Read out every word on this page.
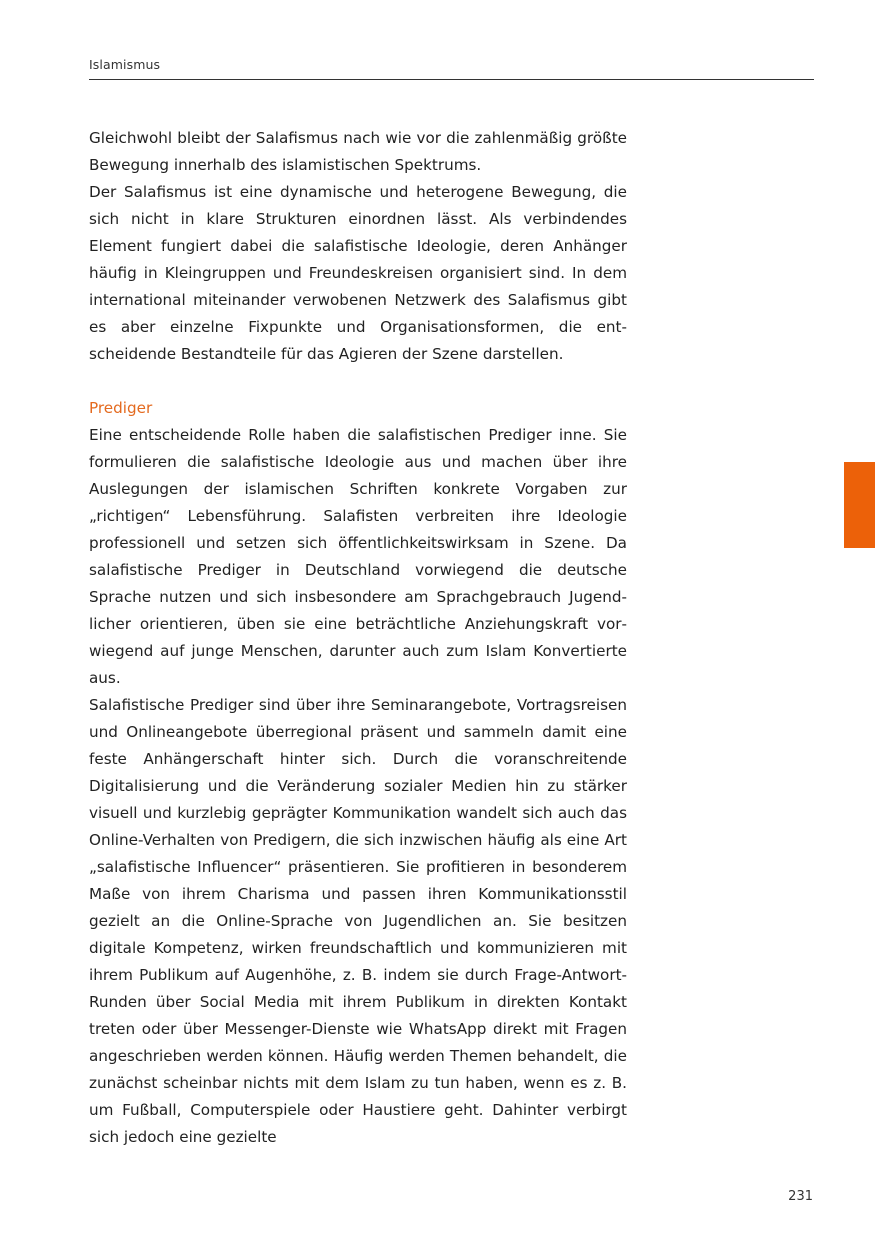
Islamismus

Gleichwohl bleibt der Salafismus nach wie vor die zahlenmäßig größte Bewegung innerhalb des islamistischen Spektrums.

Der Salafismus ist eine dynamische und heterogene Bewegung, die sich nicht in klare Strukturen einordnen lässt. Als verbindendes Element fungiert dabei die salafistische Ideologie, deren Anhänger häufig in Kleingruppen und Freundeskreisen organisiert sind. In dem international miteinander verwobenen Netzwerk des Salafismus gibt es aber einzelne Fixpunkte und Organisationsformen, die entscheidende Bestandteile für das Agieren der Szene darstellen.

Prediger

Eine entscheidende Rolle haben die salafistischen Prediger inne. Sie formulieren die salafistische Ideologie aus und machen über ihre Auslegungen der islamischen Schriften konkrete Vorgaben zur „richtigen“ Lebensführung. Salafisten verbreiten ihre Ideologie professionell und setzen sich öffentlichkeitswirksam in Szene. Da salafistische Prediger in Deutschland vorwiegend die deutsche Sprache nutzen und sich insbesondere am Sprachgebrauch Jugendlicher orientieren, üben sie eine beträchtliche Anziehungskraft vorwiegend auf junge Menschen, darunter auch zum Islam Konvertierte aus.

Salafistische Prediger sind über ihre Seminarangebote, Vortragsreisen und Onlineangebote überregional präsent und sammeln damit eine feste Anhängerschaft hinter sich. Durch die voranschreitende Digitalisierung und die Veränderung sozialer Medien hin zu stärker visuell und kurzlebig geprägter Kommunikation wandelt sich auch das Online-Verhalten von Predigern, die sich inzwischen häufig als eine Art „salafistische Influencer“ präsentieren. Sie profitieren in besonderem Maße von ihrem Charisma und passen ihren Kommunikationsstil gezielt an die Online-Sprache von Jugendlichen an. Sie besitzen digitale Kompetenz, wirken freundschaftlich und kommunizieren mit ihrem Publikum auf Augenhöhe, z. B. indem sie durch Frage-Antwort-Runden über Social Media mit ihrem Publikum in direkten Kontakt treten oder über Messenger-Dienste wie WhatsApp direkt mit Fragen angeschrieben werden können. Häufig werden Themen behandelt, die zunächst scheinbar nichts mit dem Islam zu tun haben, wenn es z. B. um Fußball, Computerspiele oder Haustiere geht. Dahinter verbirgt sich jedoch eine gezielte

231
